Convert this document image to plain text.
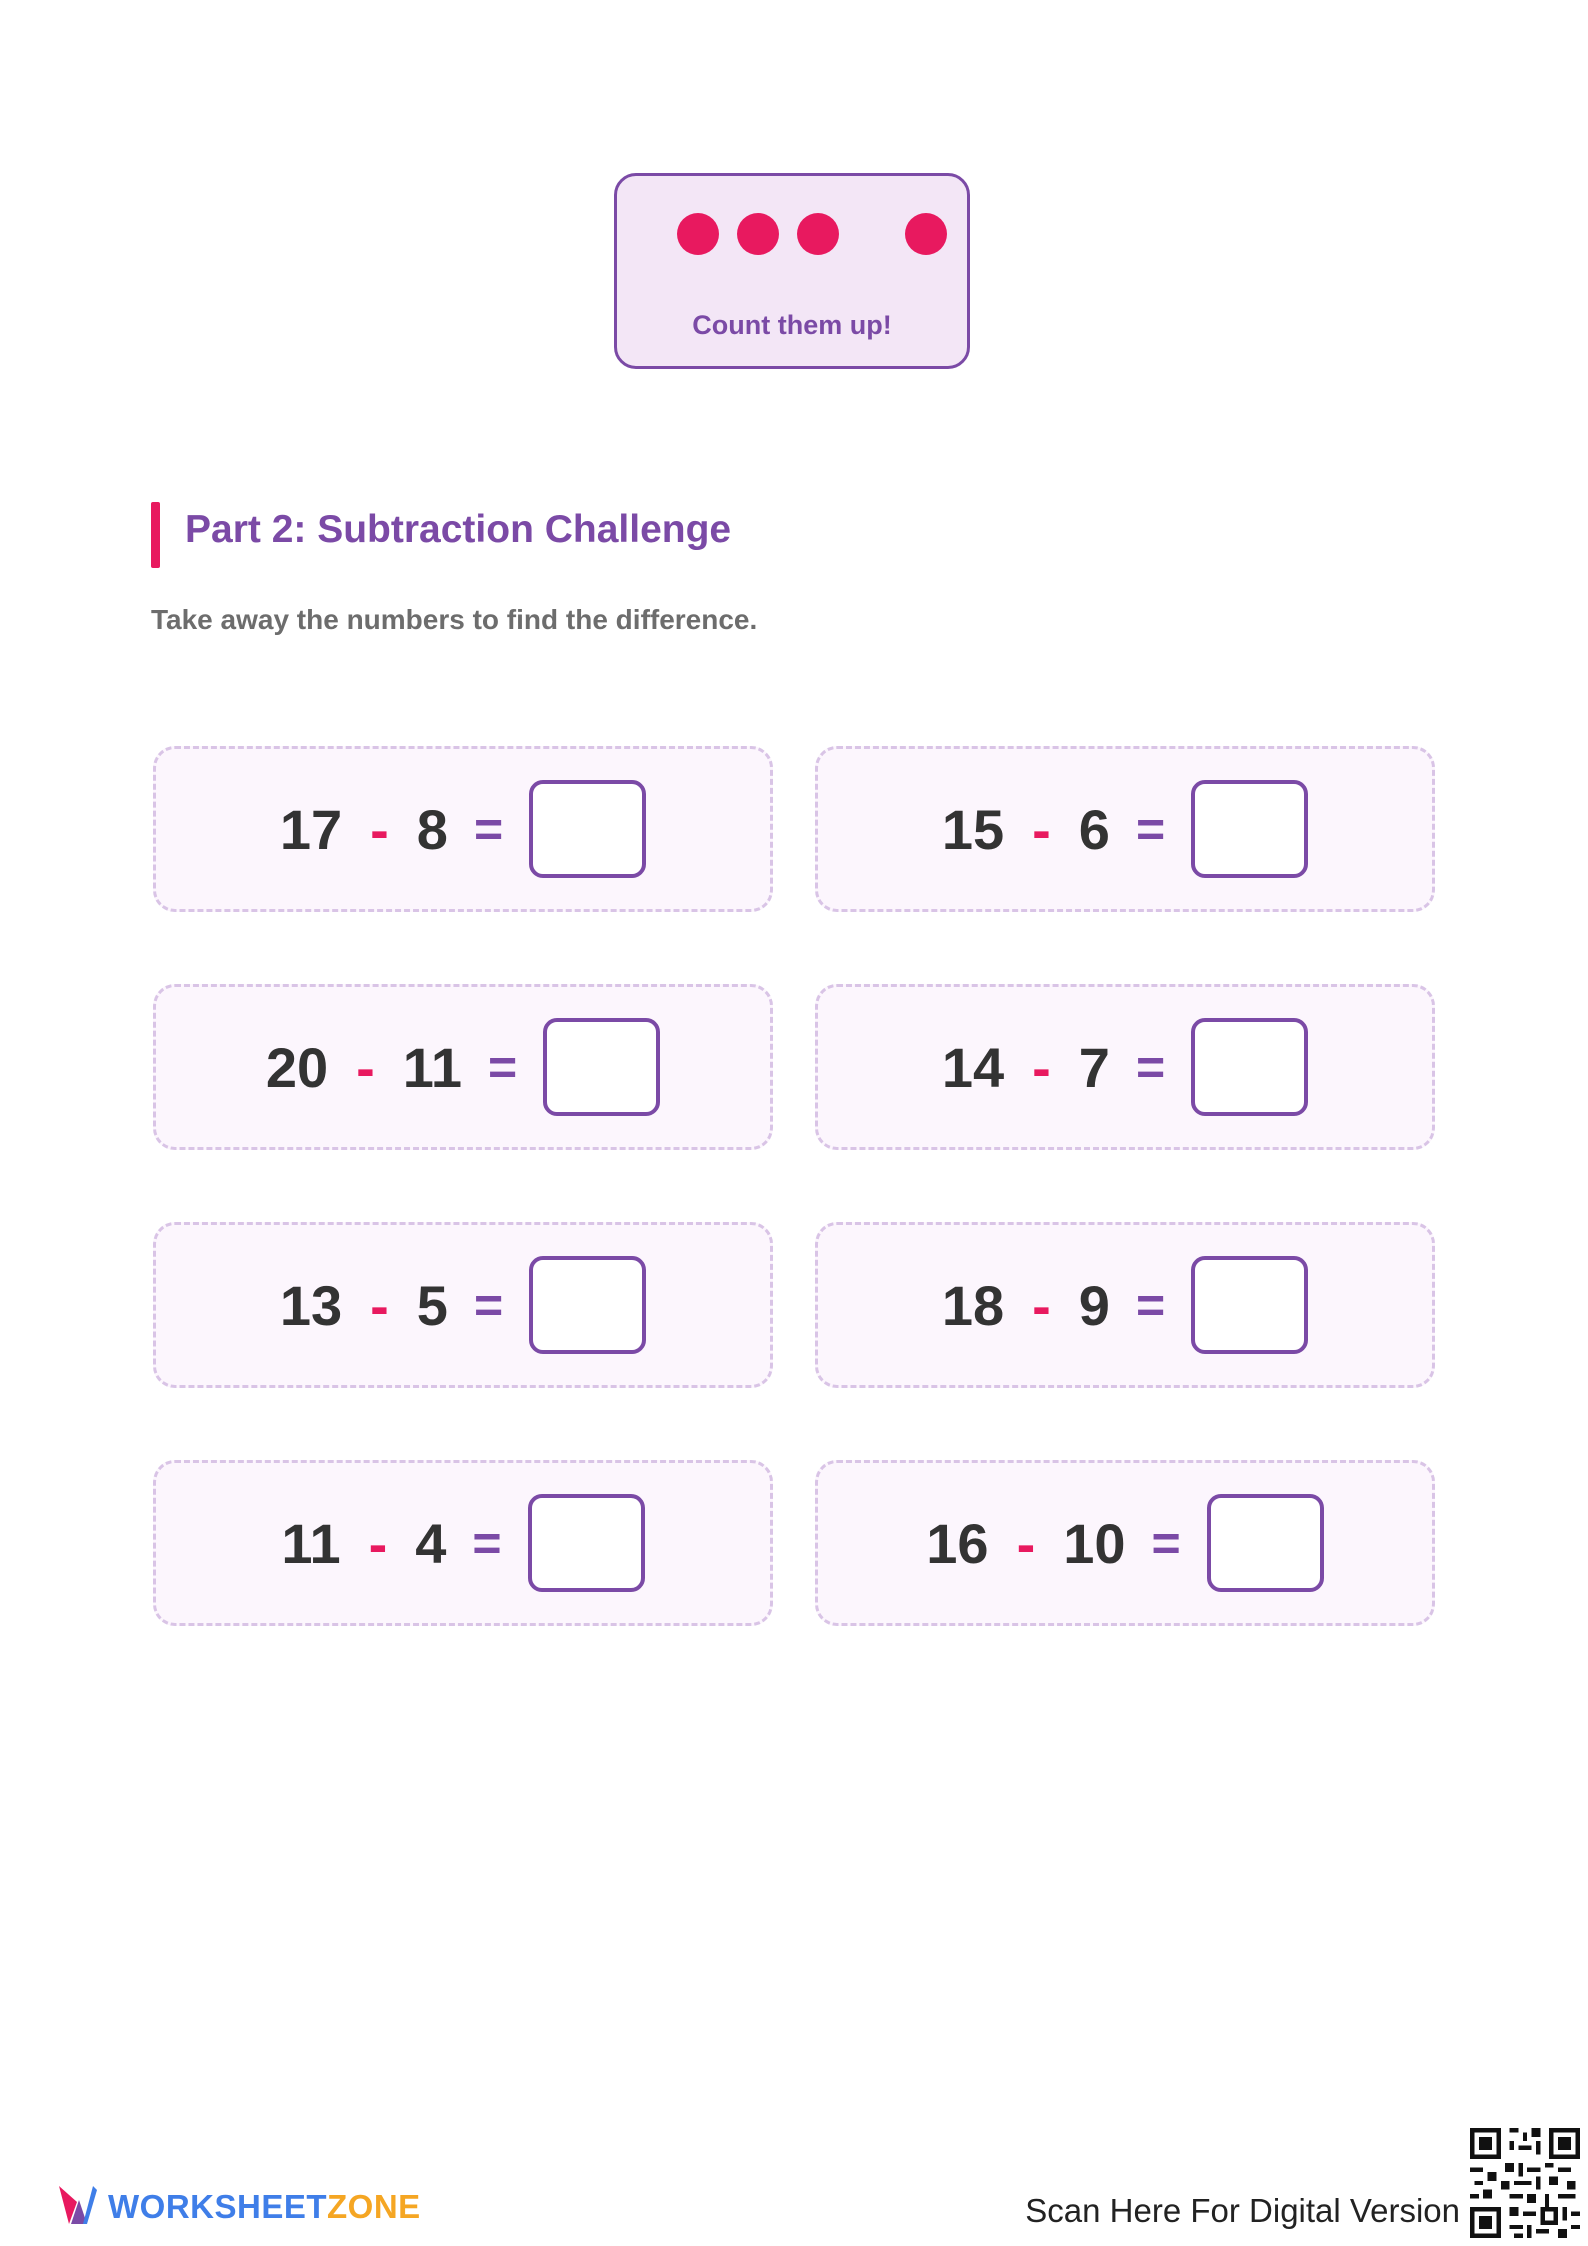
Count them up!
Part 2: Subtraction Challenge
Take away the numbers to find the difference.
17 - 8 =	15 - 6 =
20 - 11 =	14 - 7 =
13 - 5 =	18 - 9 =
11 - 4 =	16 - 10 =
WORKSHEETZONE	Scan Here For Digital Version
